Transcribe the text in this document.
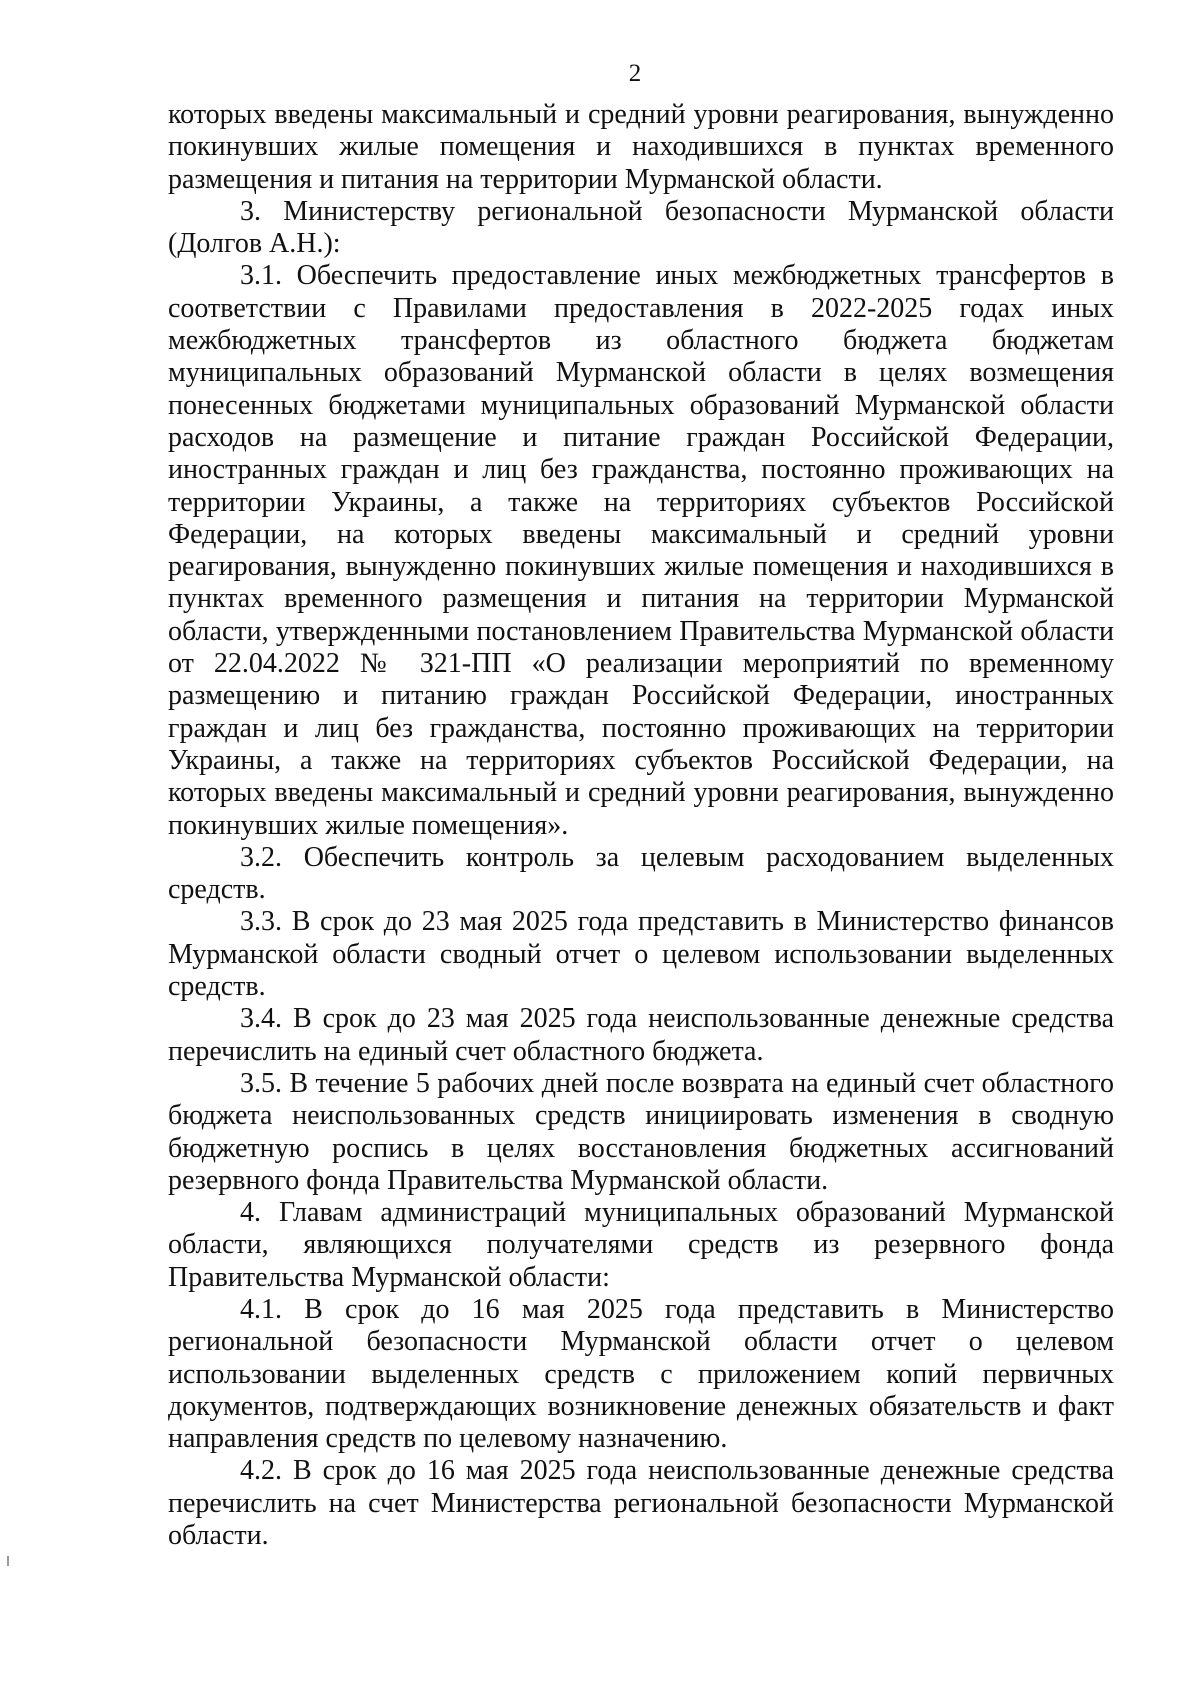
2

которых введены максимальный и средний уровни реагирования, вынужденно покинувших жилые помещения и находившихся в пунктах временного размещения и питания на территории Мурманской области.

3. Министерству региональной безопасности Мурманской области (Долгов А.Н.):

3.1. Обеспечить предоставление иных межбюджетных трансфертов в соответствии с Правилами предоставления в 2022-2025 годах иных межбюджетных трансфертов из областного бюджета бюджетам муниципальных образований Мурманской области в целях возмещения понесенных бюджетами муниципальных образований Мурманской области расходов на размещение и питание граждан Российской Федерации, иностранных граждан и лиц без гражданства, постоянно проживающих на территории Украины, а также на территориях субъектов Российской Федерации, на которых введены максимальный и средний уровни реагирования, вынужденно покинувших жилые помещения и находившихся в пунктах временного размещения и питания на территории Мурманской области, утвержденными постановлением Правительства Мурманской области от 22.04.2022 № 321-ПП «О реализации мероприятий по временному размещению и питанию граждан Российской Федерации, иностранных граждан и лиц без гражданства, постоянно проживающих на территории Украины, а также на территориях субъектов Российской Федерации, на которых введены максимальный и средний уровни реагирования, вынужденно покинувших жилые помещения».

3.2. Обеспечить контроль за целевым расходованием выделенных средств.

3.3. В срок до 23 мая 2025 года представить в Министерство финансов Мурманской области сводный отчет о целевом использовании выделенных средств.

3.4. В срок до 23 мая 2025 года неиспользованные денежные средства перечислить на единый счет областного бюджета.

3.5. В течение 5 рабочих дней после возврата на единый счет областного бюджета неиспользованных средств инициировать изменения в сводную бюджетную роспись в целях восстановления бюджетных ассигнований резервного фонда Правительства Мурманской области.

4. Главам администраций муниципальных образований Мурманской области, являющихся получателями средств из резервного фонда Правительства Мурманской области:

4.1. В срок до 16 мая 2025 года представить в Министерство региональной безопасности Мурманской области отчет о целевом использовании выделенных средств с приложением копий первичных документов, подтверждающих возникновение денежных обязательств и факт направления средств по целевому назначению.

4.2. В срок до 16 мая 2025 года неиспользованные денежные средства перечислить на счет Министерства региональной безопасности Мурманской области.
